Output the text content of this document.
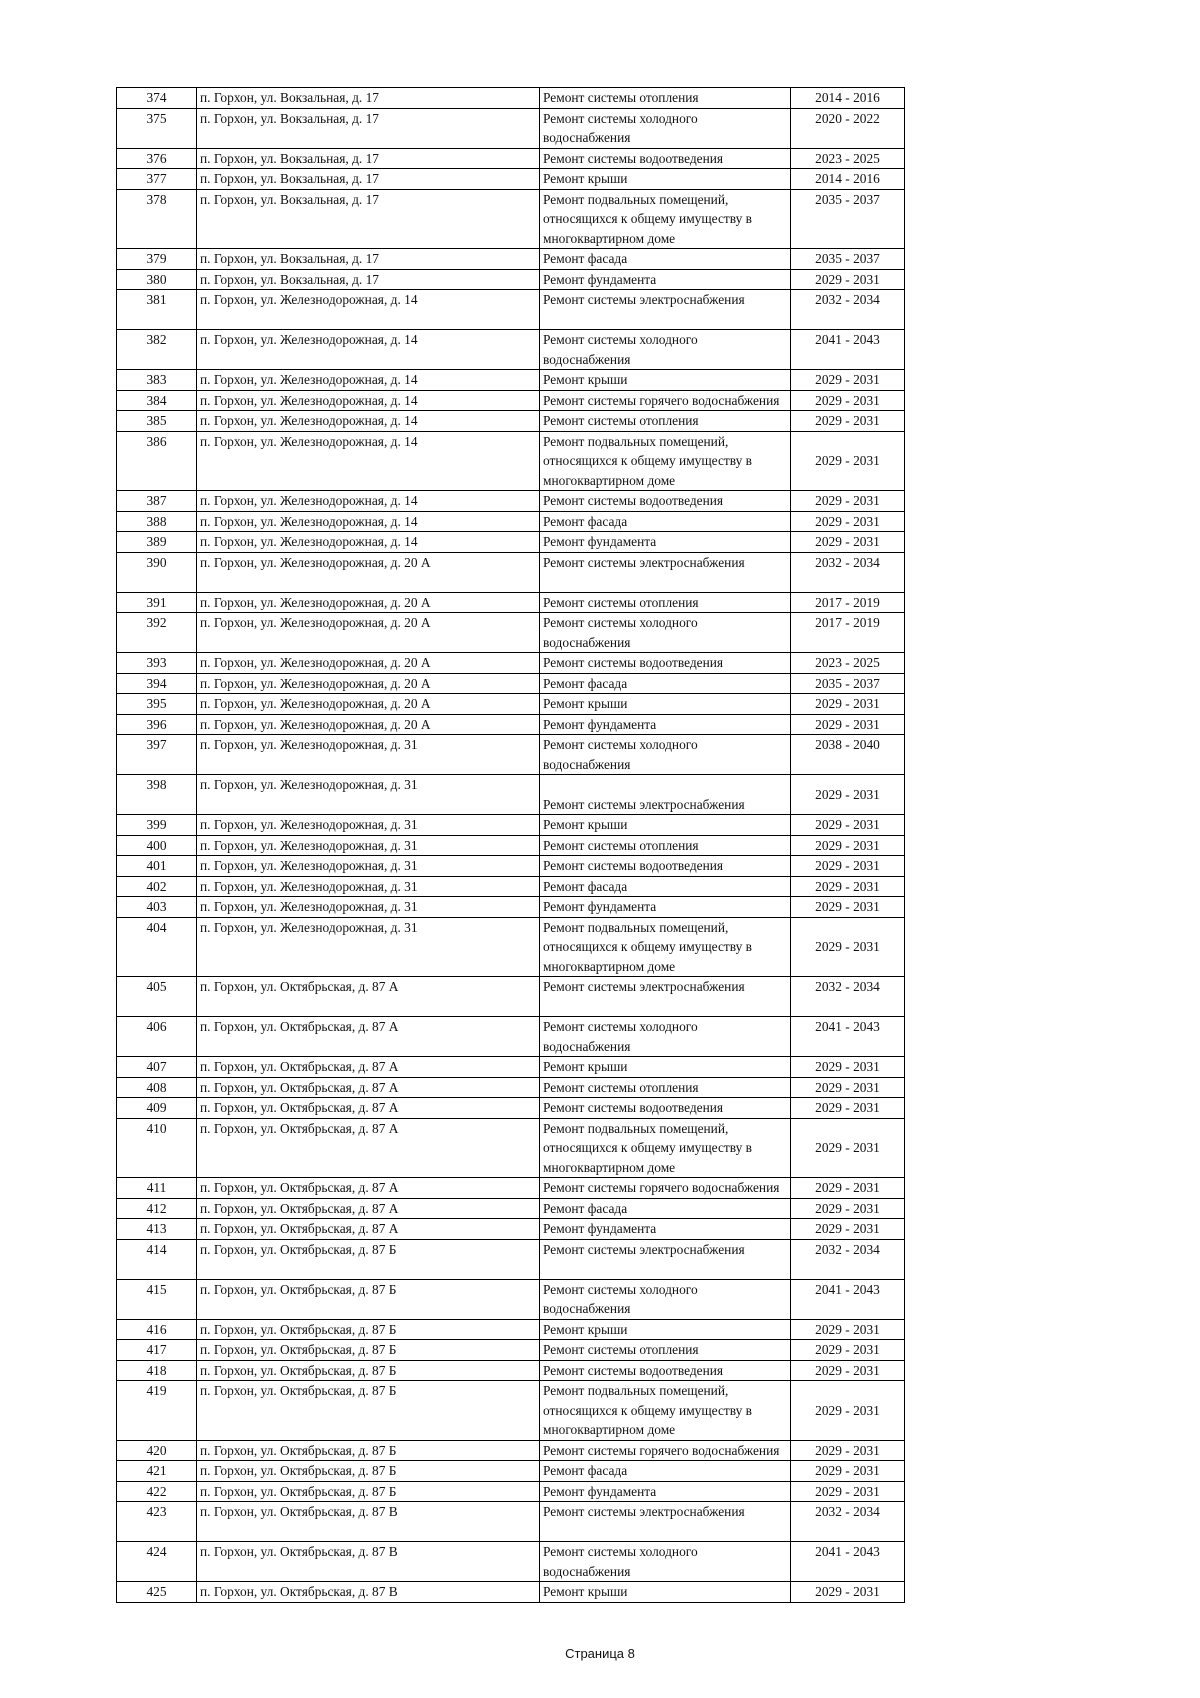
374	п. Горхон, ул. Вокзальная, д. 17	Ремонт системы отопления	2014 - 2016
375	п. Горхон, ул. Вокзальная, д. 17	Ремонт системы холодного водоснабжения	2020 - 2022
376	п. Горхон, ул. Вокзальная, д. 17	Ремонт системы водоотведения	2023 - 2025
377	п. Горхон, ул. Вокзальная, д. 17	Ремонт крыши	2014 - 2016
378	п. Горхон, ул. Вокзальная, д. 17	Ремонт подвальных помещений, относящихся к общему имуществу в многоквартирном доме	2035 - 2037
379	п. Горхон, ул. Вокзальная, д. 17	Ремонт фасада	2035 - 2037
380	п. Горхон, ул. Вокзальная, д. 17	Ремонт фундамента	2029 - 2031
381	п. Горхон, ул. Железнодорожная, д. 14	Ремонт системы электроснабжения	2032 - 2034
382	п. Горхон, ул. Железнодорожная, д. 14	Ремонт системы холодного водоснабжения	2041 - 2043
383	п. Горхон, ул. Железнодорожная, д. 14	Ремонт крыши	2029 - 2031
384	п. Горхон, ул. Железнодорожная, д. 14	Ремонт системы горячего водоснабжения	2029 - 2031
385	п. Горхон, ул. Железнодорожная, д. 14	Ремонт системы отопления	2029 - 2031
386	п. Горхон, ул. Железнодорожная, д. 14	Ремонт подвальных помещений, относящихся к общему имуществу в многоквартирном доме	2029 - 2031
387	п. Горхон, ул. Железнодорожная, д. 14	Ремонт системы водоотведения	2029 - 2031
388	п. Горхон, ул. Железнодорожная, д. 14	Ремонт фасада	2029 - 2031
389	п. Горхон, ул. Железнодорожная, д. 14	Ремонт фундамента	2029 - 2031
390	п. Горхон, ул. Железнодорожная, д. 20 А	Ремонт системы электроснабжения	2032 - 2034
391	п. Горхон, ул. Железнодорожная, д. 20 А	Ремонт системы отопления	2017 - 2019
392	п. Горхон, ул. Железнодорожная, д. 20 А	Ремонт системы холодного водоснабжения	2017 - 2019
393	п. Горхон, ул. Железнодорожная, д. 20 А	Ремонт системы водоотведения	2023 - 2025
394	п. Горхон, ул. Железнодорожная, д. 20 А	Ремонт фасада	2035 - 2037
395	п. Горхон, ул. Железнодорожная, д. 20 А	Ремонт крыши	2029 - 2031
396	п. Горхон, ул. Железнодорожная, д. 20 А	Ремонт фундамента	2029 - 2031
397	п. Горхон, ул. Железнодорожная, д. 31	Ремонт системы холодного водоснабжения	2038 - 2040
398	п. Горхон, ул. Железнодорожная, д. 31	Ремонт системы электроснабжения	2029 - 2031
399	п. Горхон, ул. Железнодорожная, д. 31	Ремонт крыши	2029 - 2031
400	п. Горхон, ул. Железнодорожная, д. 31	Ремонт системы отопления	2029 - 2031
401	п. Горхон, ул. Железнодорожная, д. 31	Ремонт системы водоотведения	2029 - 2031
402	п. Горхон, ул. Железнодорожная, д. 31	Ремонт фасада	2029 - 2031
403	п. Горхон, ул. Железнодорожная, д. 31	Ремонт фундамента	2029 - 2031
404	п. Горхон, ул. Железнодорожная, д. 31	Ремонт подвальных помещений, относящихся к общему имуществу в многоквартирном доме	2029 - 2031
405	п. Горхон, ул. Октябрьская, д. 87 А	Ремонт системы электроснабжения	2032 - 2034
406	п. Горхон, ул. Октябрьская, д. 87 А	Ремонт системы холодного водоснабжения	2041 - 2043
407	п. Горхон, ул. Октябрьская, д. 87 А	Ремонт крыши	2029 - 2031
408	п. Горхон, ул. Октябрьская, д. 87 А	Ремонт системы отопления	2029 - 2031
409	п. Горхон, ул. Октябрьская, д. 87 А	Ремонт системы водоотведения	2029 - 2031
410	п. Горхон, ул. Октябрьская, д. 87 А	Ремонт подвальных помещений, относящихся к общему имуществу в многоквартирном доме	2029 - 2031
411	п. Горхон, ул. Октябрьская, д. 87 А	Ремонт системы горячего водоснабжения	2029 - 2031
412	п. Горхон, ул. Октябрьская, д. 87 А	Ремонт фасада	2029 - 2031
413	п. Горхон, ул. Октябрьская, д. 87 А	Ремонт фундамента	2029 - 2031
414	п. Горхон, ул. Октябрьская, д. 87 Б	Ремонт системы электроснабжения	2032 - 2034
415	п. Горхон, ул. Октябрьская, д. 87 Б	Ремонт системы холодного водоснабжения	2041 - 2043
416	п. Горхон, ул. Октябрьская, д. 87 Б	Ремонт крыши	2029 - 2031
417	п. Горхон, ул. Октябрьская, д. 87 Б	Ремонт системы отопления	2029 - 2031
418	п. Горхон, ул. Октябрьская, д. 87 Б	Ремонт системы водоотведения	2029 - 2031
419	п. Горхон, ул. Октябрьская, д. 87 Б	Ремонт подвальных помещений, относящихся к общему имуществу в многоквартирном доме	2029 - 2031
420	п. Горхон, ул. Октябрьская, д. 87 Б	Ремонт системы горячего водоснабжения	2029 - 2031
421	п. Горхон, ул. Октябрьская, д. 87 Б	Ремонт фасада	2029 - 2031
422	п. Горхон, ул. Октябрьская, д. 87 Б	Ремонт фундамента	2029 - 2031
423	п. Горхон, ул. Октябрьская, д. 87 В	Ремонт системы электроснабжения	2032 - 2034
424	п. Горхон, ул. Октябрьская, д. 87 В	Ремонт системы холодного водоснабжения	2041 - 2043
425	п. Горхон, ул. Октябрьская, д. 87 В	Ремонт крыши	2029 - 2031
Страница 8
